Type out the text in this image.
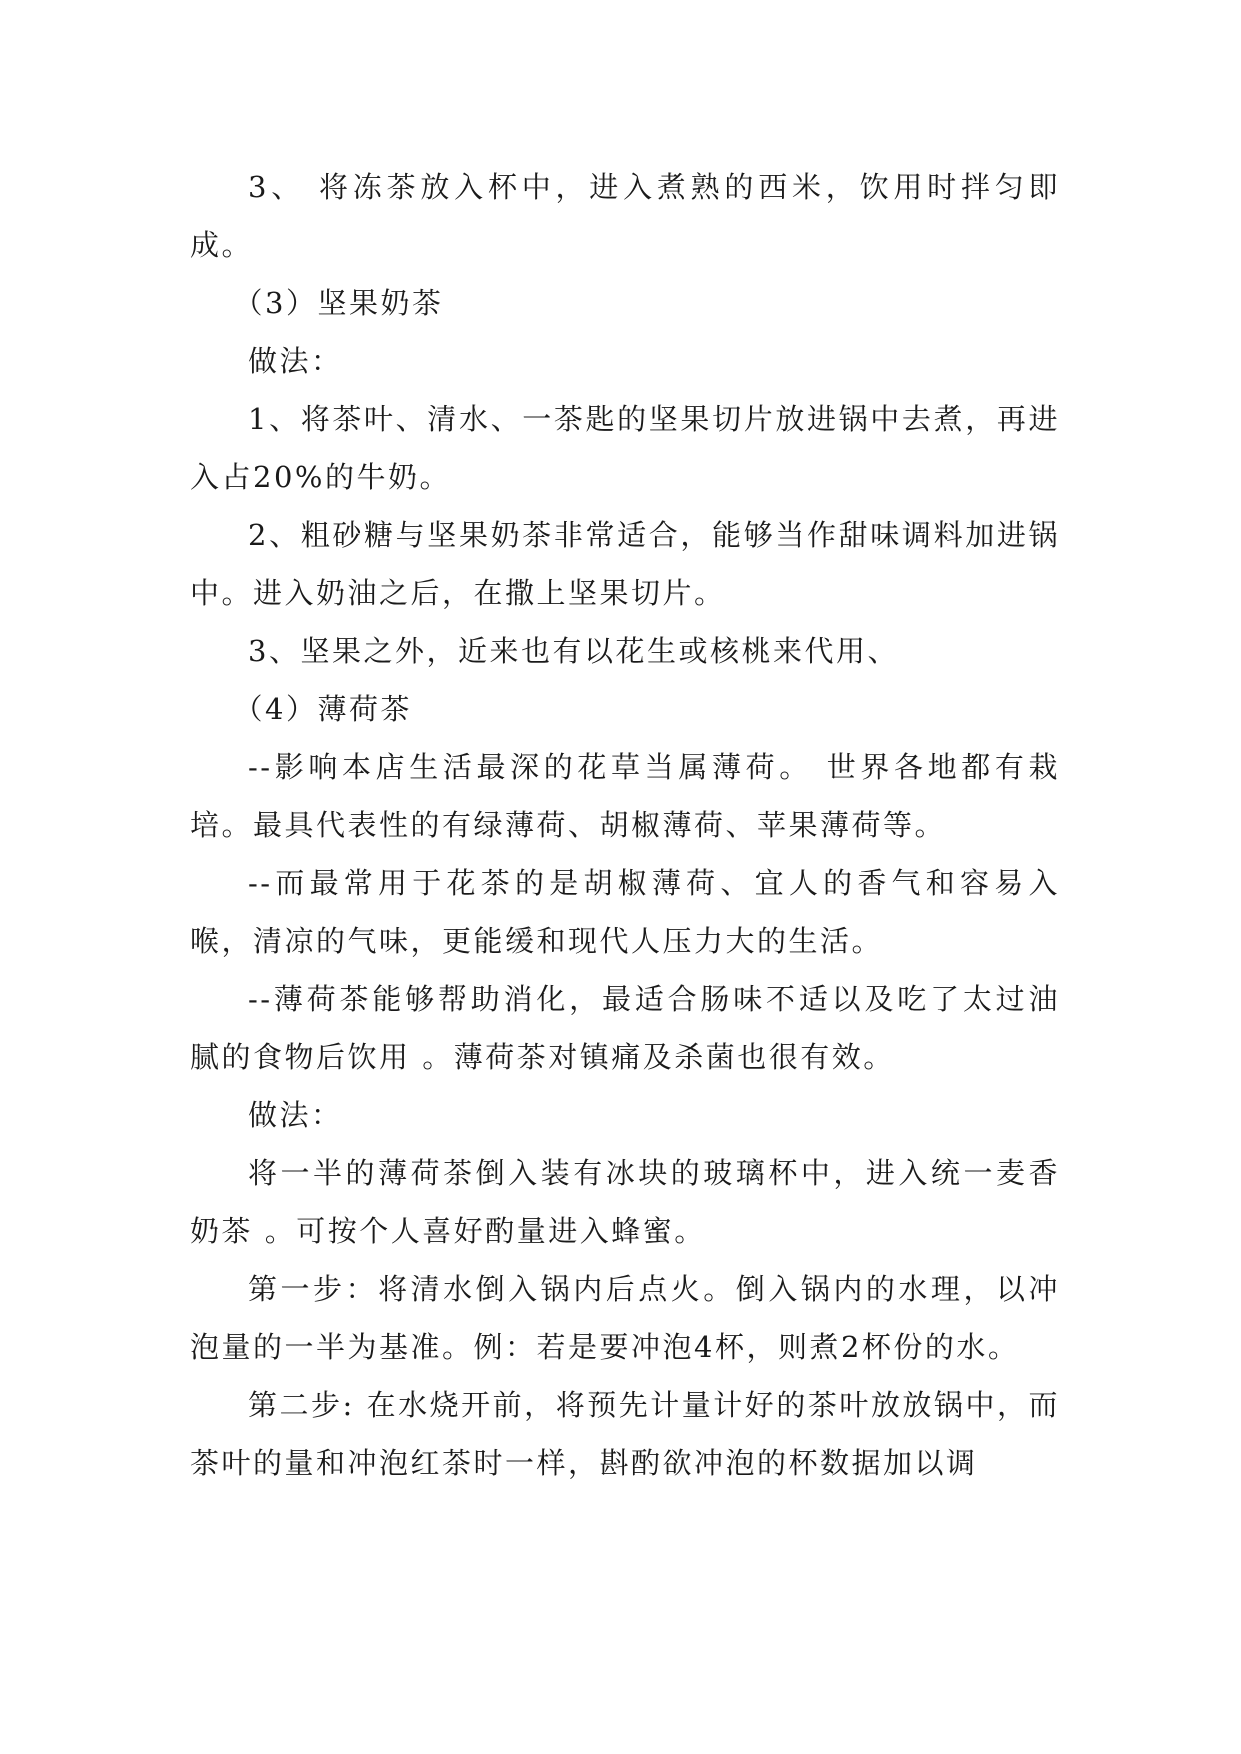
3、 将冻茶放入杯中，进入煮熟的西米，饮用时拌匀即成。

（3）坚果奶茶

做法：

1、将茶叶、清水、一茶匙的坚果切片放进锅中去煮，再进入占20%的牛奶。

2、粗砂糖与坚果奶茶非常适合，能够当作甜味调料加进锅中。进入奶油之后，在撒上坚果切片。

3、坚果之外，近来也有以花生或核桃来代用、

（4）薄荷茶

--影响本店生活最深的花草当属薄荷。 世界各地都有栽培。最具代表性的有绿薄荷、胡椒薄荷、苹果薄荷等。

--而最常用于花茶的是胡椒薄荷、宜人的香气和容易入喉，清凉的气味，更能缓和现代人压力大的生活。

--薄荷茶能够帮助消化，最适合肠味不适以及吃了太过油腻的食物后饮用 。薄荷茶对镇痛及杀菌也很有效。

做法：

将一半的薄荷茶倒入装有冰块的玻璃杯中，进入统一麦香奶茶 。可按个人喜好酌量进入蜂蜜。

第一步：将清水倒入锅内后点火。倒入锅内的水理，以冲泡量的一半为基准。例：若是要冲泡4杯，则煮2杯份的水。

第二步: 在水烧开前，将预先计量计好的茶叶放放锅中，而茶叶的量和冲泡红茶时一样，斟酌欲冲泡的杯数据加以调
